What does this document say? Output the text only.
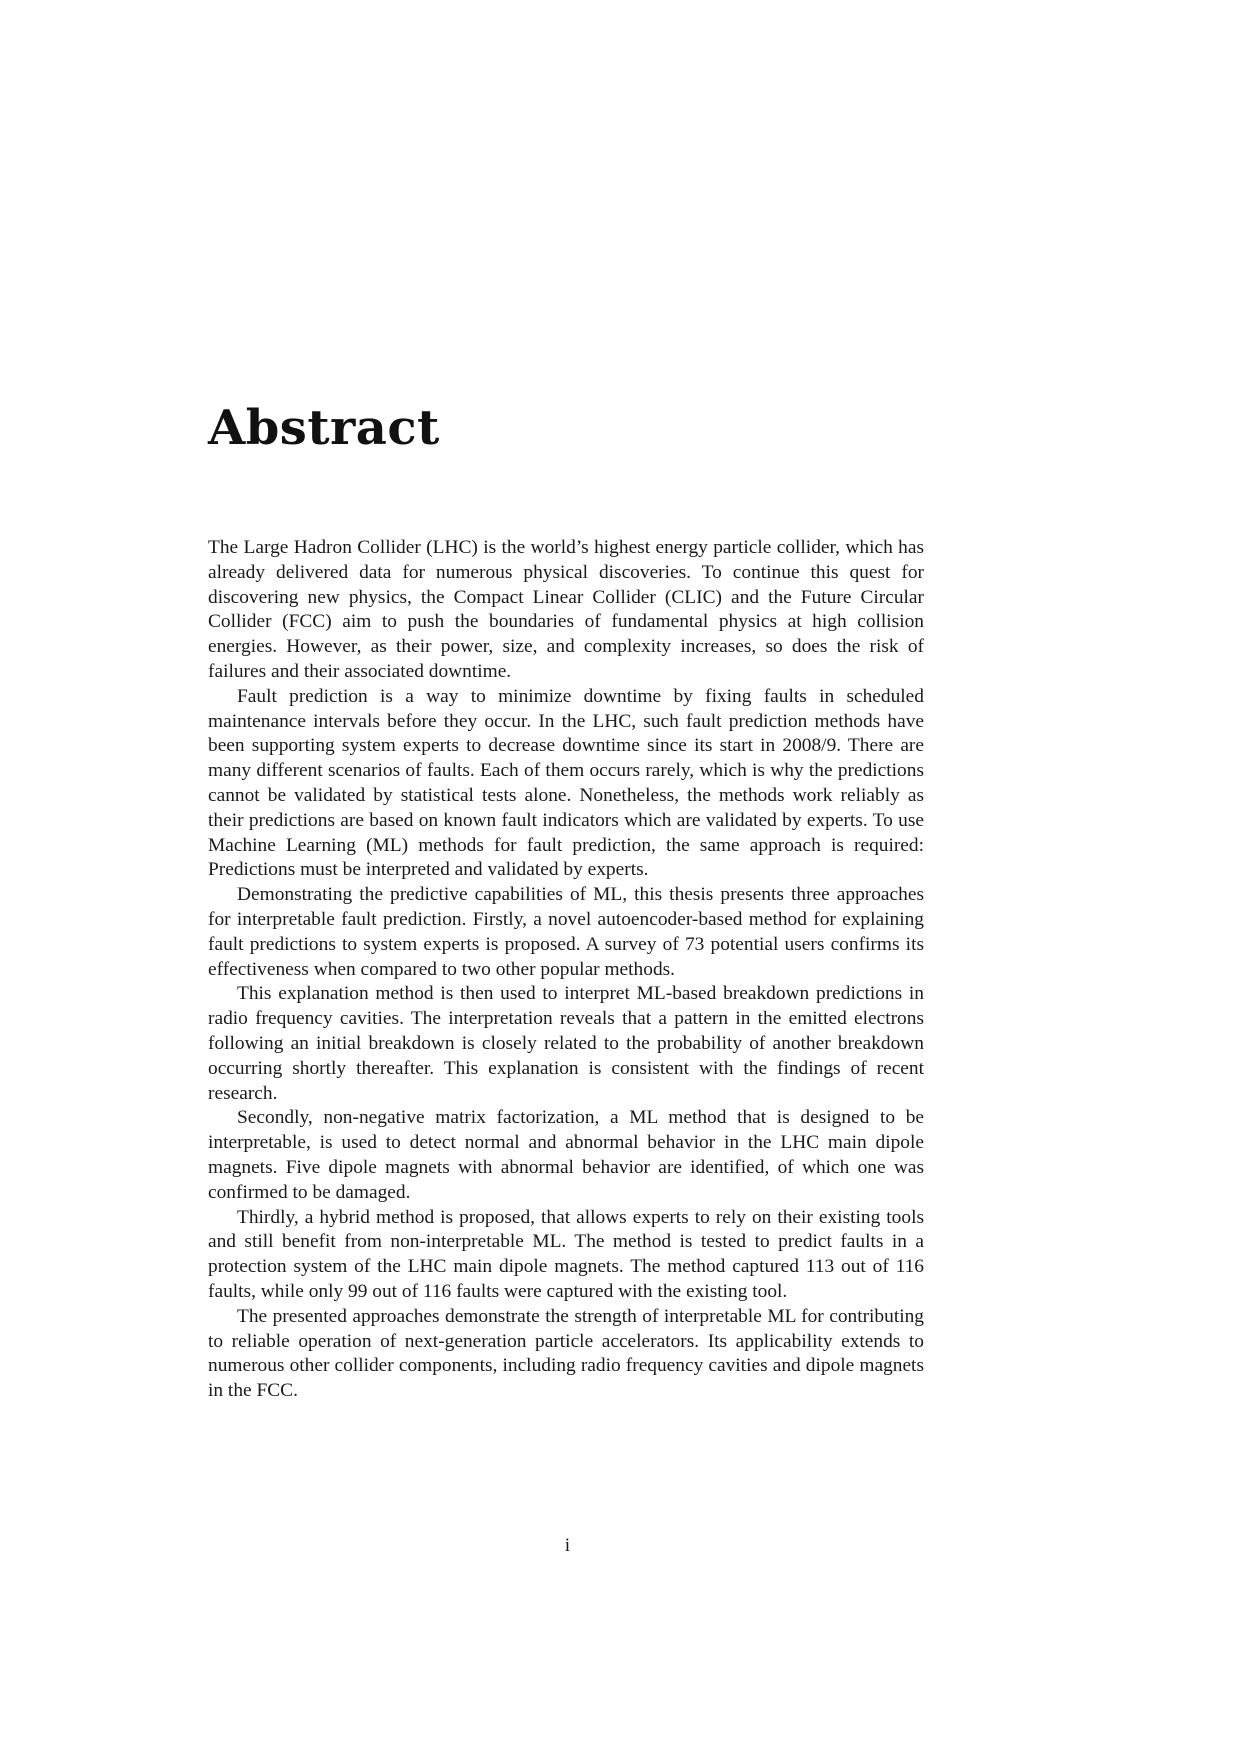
Abstract

The Large Hadron Collider (LHC) is the world’s highest energy particle collider, which has already delivered data for numerous physical discoveries. To continue this quest for discovering new physics, the Compact Linear Collider (CLIC) and the Future Circular Collider (FCC) aim to push the boundaries of fundamental physics at high collision energies. However, as their power, size, and complexity increases, so does the risk of failures and their associated downtime.

Fault prediction is a way to minimize downtime by fixing faults in scheduled maintenance intervals before they occur. In the LHC, such fault prediction methods have been supporting system experts to decrease downtime since its start in 2008/9. There are many different scenarios of faults. Each of them occurs rarely, which is why the predictions cannot be validated by statistical tests alone. Nonetheless, the methods work reliably as their predictions are based on known fault indicators which are validated by experts. To use Machine Learning (ML) methods for fault prediction, the same approach is required: Predictions must be interpreted and validated by experts.

Demonstrating the predictive capabilities of ML, this thesis presents three approaches for interpretable fault prediction. Firstly, a novel autoencoder-based method for explaining fault predictions to system experts is proposed. A survey of 73 potential users confirms its effectiveness when compared to two other popular methods.

This explanation method is then used to interpret ML-based breakdown predictions in radio frequency cavities. The interpretation reveals that a pattern in the emitted electrons following an initial breakdown is closely related to the probability of another breakdown occurring shortly thereafter. This explanation is consistent with the findings of recent research.

Secondly, non-negative matrix factorization, a ML method that is designed to be interpretable, is used to detect normal and abnormal behavior in the LHC main dipole magnets. Five dipole magnets with abnormal behavior are identified, of which one was confirmed to be damaged.

Thirdly, a hybrid method is proposed, that allows experts to rely on their existing tools and still benefit from non-interpretable ML. The method is tested to predict faults in a protection system of the LHC main dipole magnets. The method captured 113 out of 116 faults, while only 99 out of 116 faults were captured with the existing tool.

The presented approaches demonstrate the strength of interpretable ML for contributing to reliable operation of next-generation particle accelerators. Its applicability extends to numerous other collider components, including radio frequency cavities and dipole magnets in the FCC.

i
